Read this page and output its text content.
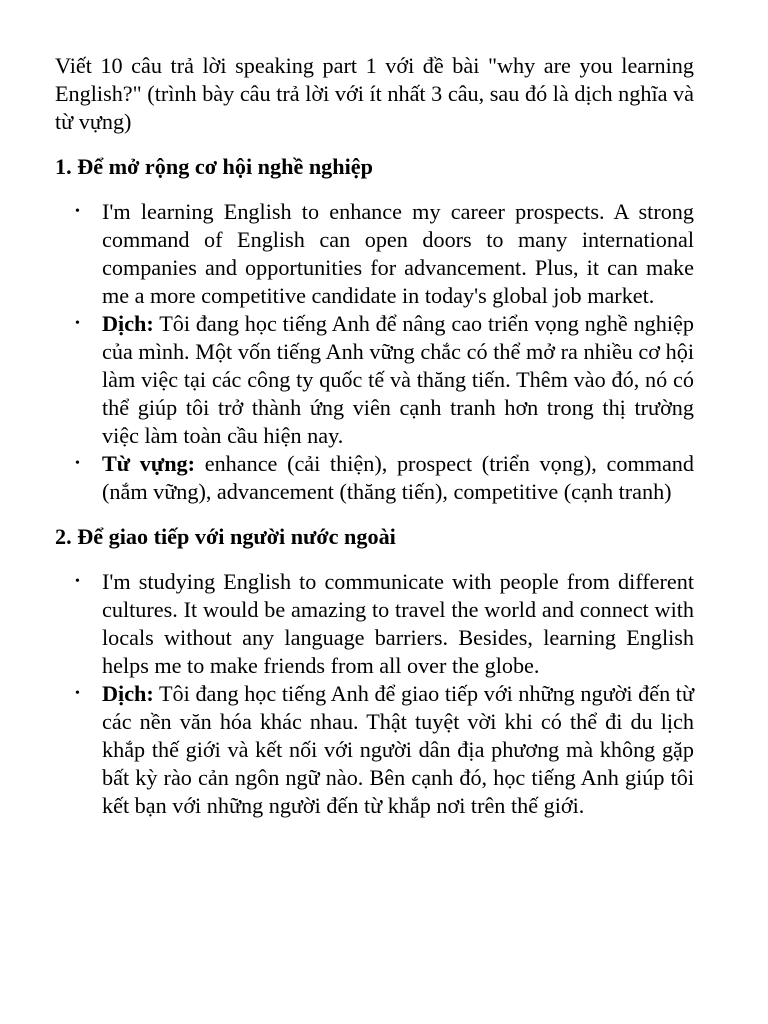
Viết 10 câu trả lời speaking part 1 với đề bài "why are you learning English?" (trình bày câu trả lời với ít nhất 3 câu, sau đó là dịch nghĩa và từ vựng)

1. Để mở rộng cơ hội nghề nghiệp
• I'm learning English to enhance my career prospects. A strong command of English can open doors to many international companies and opportunities for advancement. Plus, it can make me a more competitive candidate in today's global job market.
• Dịch: Tôi đang học tiếng Anh để nâng cao triển vọng nghề nghiệp của mình. Một vốn tiếng Anh vững chắc có thể mở ra nhiều cơ hội làm việc tại các công ty quốc tế và thăng tiến. Thêm vào đó, nó có thể giúp tôi trở thành ứng viên cạnh tranh hơn trong thị trường việc làm toàn cầu hiện nay.
• Từ vựng: enhance (cải thiện), prospect (triển vọng), command (nắm vững), advancement (thăng tiến), competitive (cạnh tranh)
2. Để giao tiếp với người nước ngoài
• I'm studying English to communicate with people from different cultures. It would be amazing to travel the world and connect with locals without any language barriers. Besides, learning English helps me to make friends from all over the globe.
• Dịch: Tôi đang học tiếng Anh để giao tiếp với những người đến từ các nền văn hóa khác nhau. Thật tuyệt vời khi có thể đi du lịch khắp thế giới và kết nối với người dân địa phương mà không gặp bất kỳ rào cản ngôn ngữ nào. Bên cạnh đó, học tiếng Anh giúp tôi kết bạn với những người đến từ khắp nơi trên thế giới.
